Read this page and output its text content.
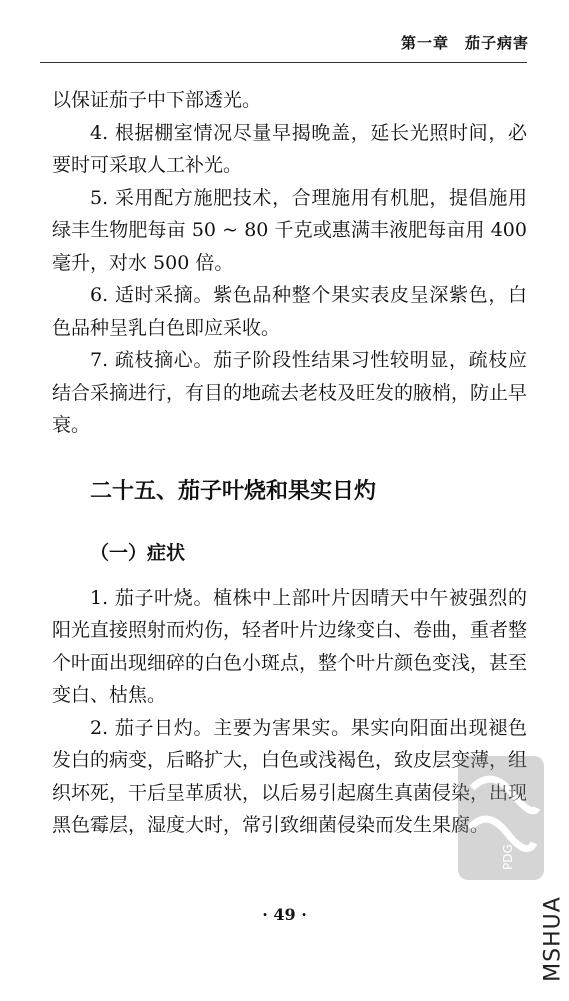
第一章　茄子病害

以保证茄子中下部透光。

4. 根据棚室情况尽量早揭晚盖，延长光照时间，必要时可采取人工补光。

5. 采用配方施肥技术，合理施用有机肥，提倡施用绿丰生物肥每亩 50 ~ 80 千克或惠满丰液肥每亩用 400 毫升，对水 500 倍。

6. 适时采摘。紫色品种整个果实表皮呈深紫色，白色品种呈乳白色即应采收。

7. 疏枝摘心。茄子阶段性结果习性较明显，疏枝应结合采摘进行，有目的地疏去老枝及旺发的腋梢，防止早衰。

二十五、茄子叶烧和果实日灼
（一）症状

1. 茄子叶烧。植株中上部叶片因晴天中午被强烈的阳光直接照射而灼伤，轻者叶片边缘变白、卷曲，重者整个叶面出现细碎的白色小斑点，整个叶片颜色变浅，甚至变白、枯焦。

2. 茄子日灼。主要为害果实。果实向阳面出现褪色发白的病变，后略扩大，白色或浅褐色，致皮层变薄，组织坏死，干后呈革质状，以后易引起腐生真菌侵染，出现黑色霉层，湿度大时，常引致细菌侵染而发生果腐。

PDG
MSHUA
· 49 ·
